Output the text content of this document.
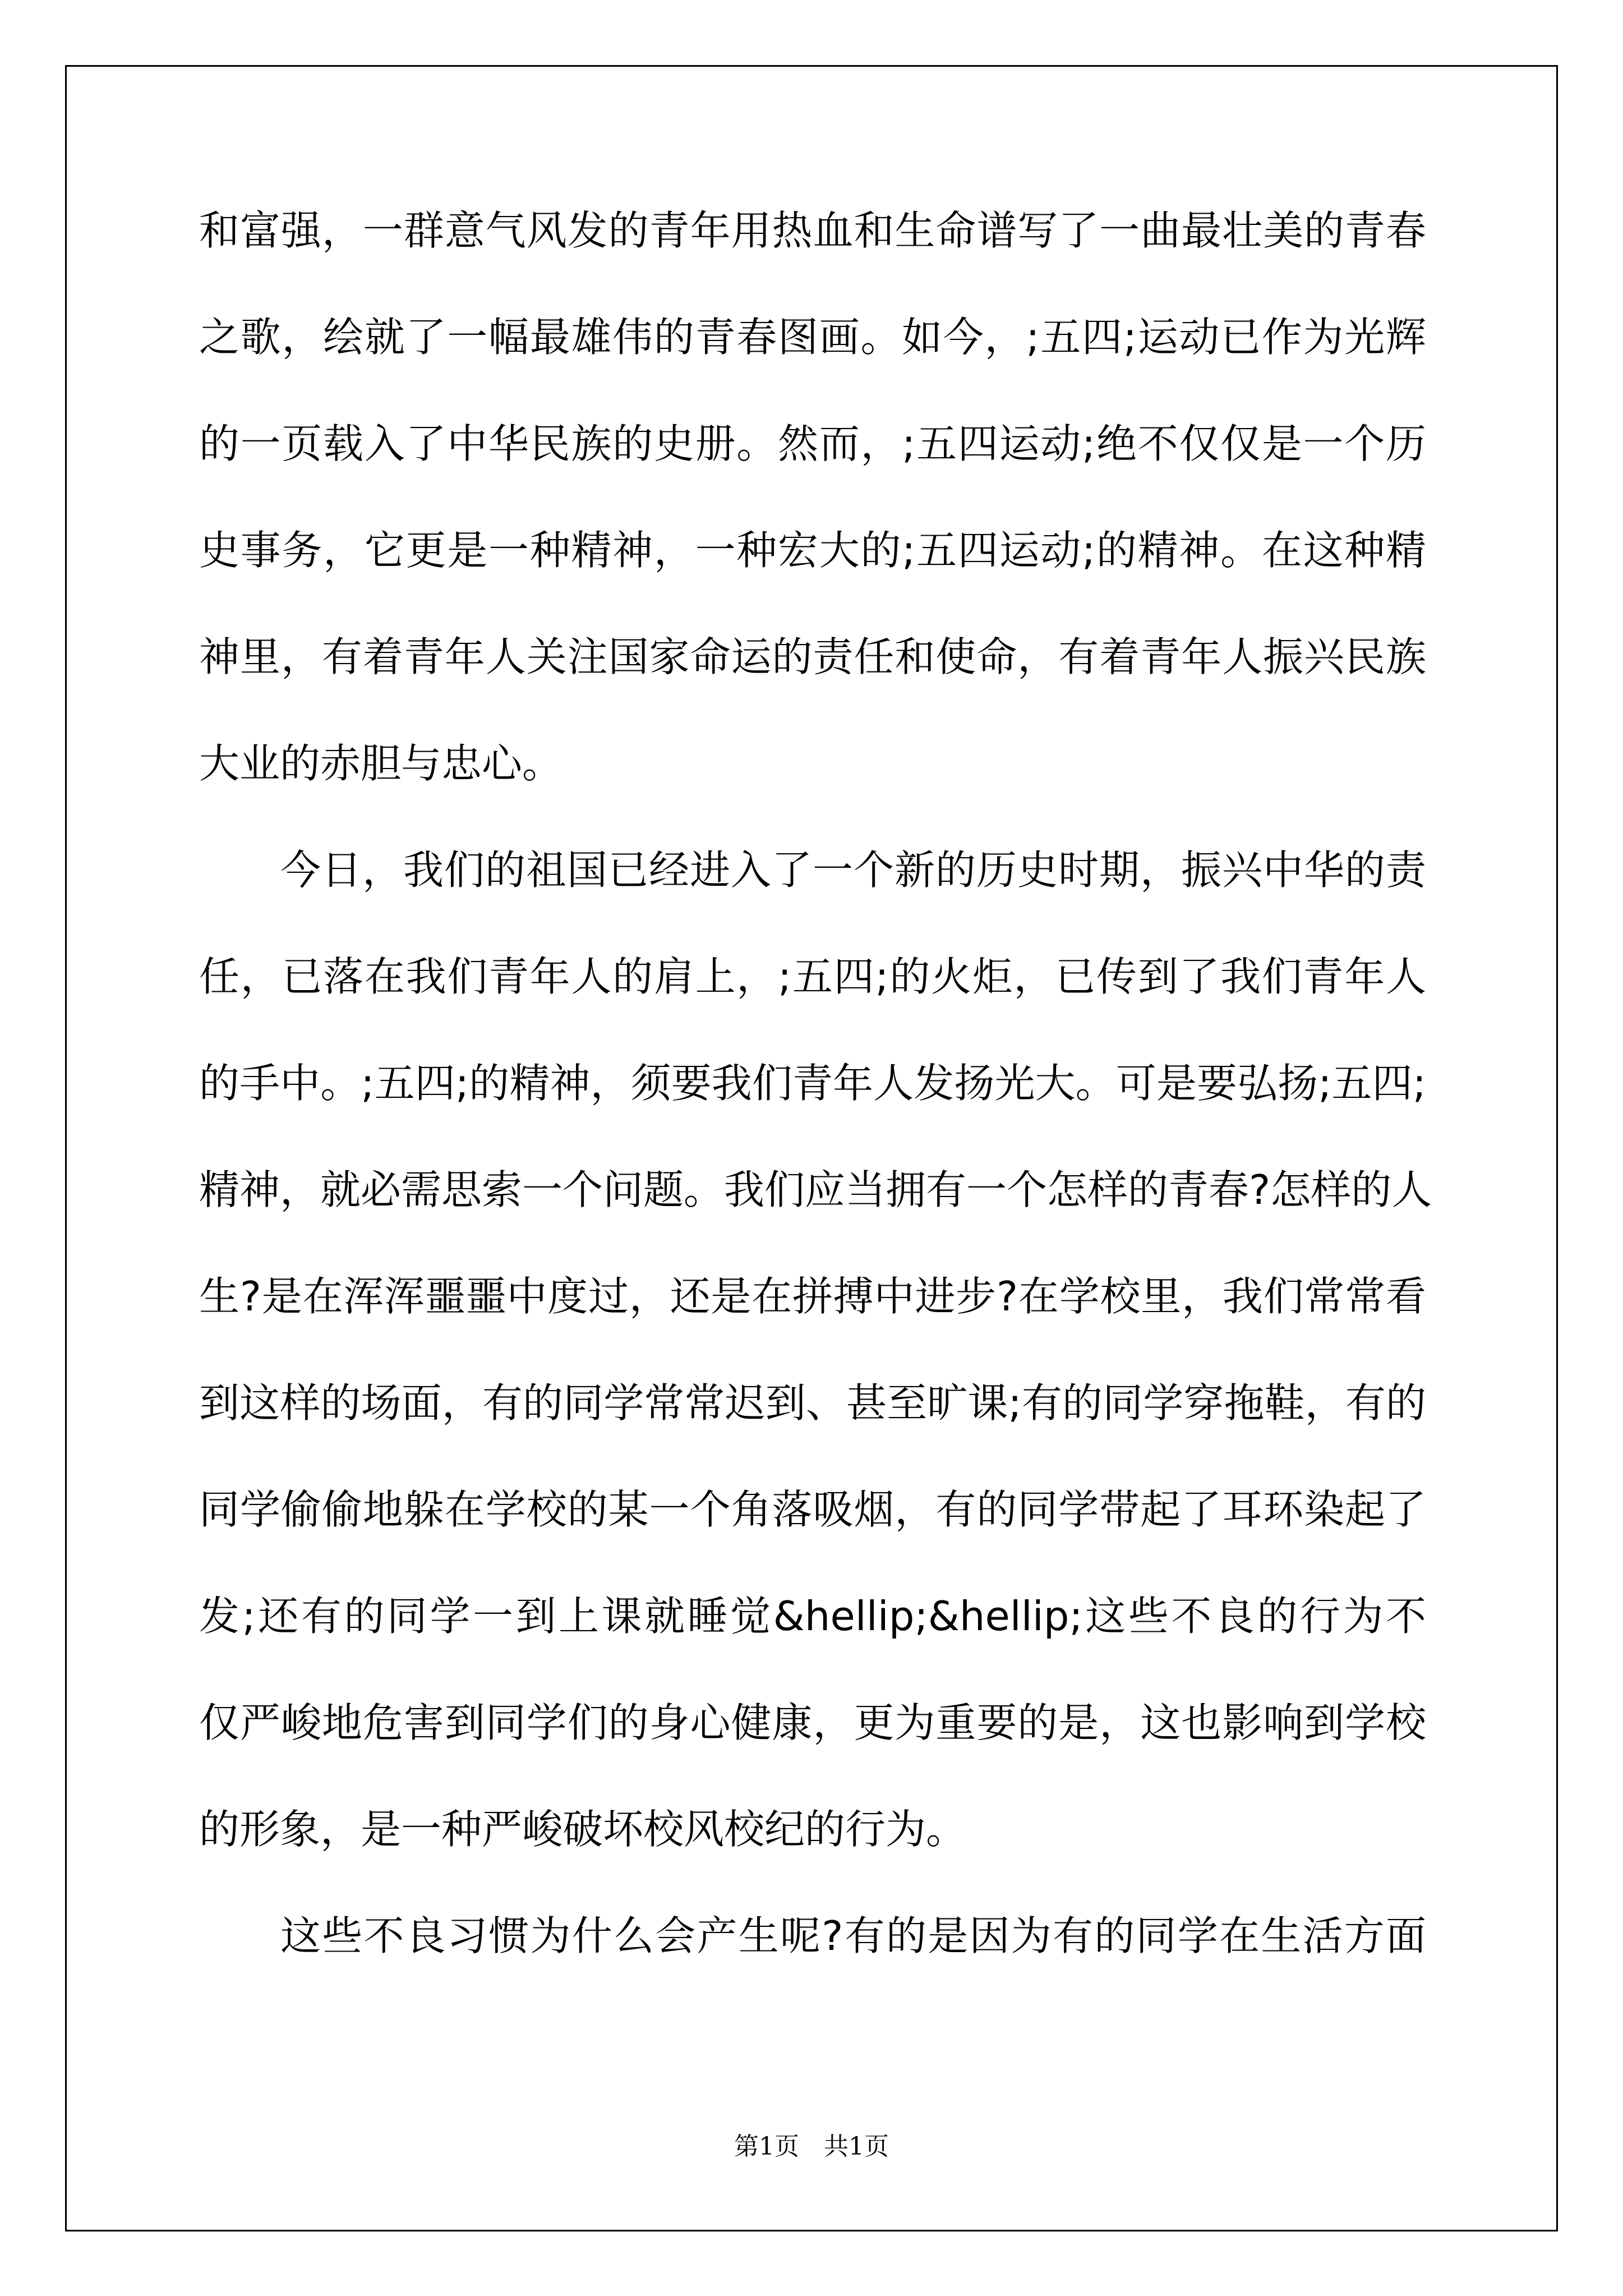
和富强，一群意气风发的青年用热血和生命谱写了一曲最壮美的青春
之歌，绘就了一幅最雄伟的青春图画。如今，;五四;运动已作为光辉
的一页载入了中华民族的史册。然而，;五四运动;绝不仅仅是一个历
史事务，它更是一种精神，一种宏大的;五四运动;的精神。在这种精
神里，有着青年人关注国家命运的责任和使命，有着青年人振兴民族
大业的赤胆与忠心。
今日，我们的祖国已经进入了一个新的历史时期，振兴中华的责
任，已落在我们青年人的肩上，;五四;的火炬，已传到了我们青年人
的手中。;五四;的精神，须要我们青年人发扬光大。可是要弘扬;五四;
精神，就必需思索一个问题。我们应当拥有一个怎样的青春?怎样的人
生?是在浑浑噩噩中度过，还是在拼搏中进步?在学校里，我们常常看
到这样的场面，有的同学常常迟到、甚至旷课;有的同学穿拖鞋，有的
同学偷偷地躲在学校的某一个角落吸烟，有的同学带起了耳环染起了
发;还有的同学一到上课就睡觉&hellip;&hellip;这些不良的行为不
仅严峻地危害到同学们的身心健康，更为重要的是，这也影响到学校
的形象，是一种严峻破坏校风校纪的行为。
这些不良习惯为什么会产生呢?有的是因为有的同学在生活方面
第1页　共1页
